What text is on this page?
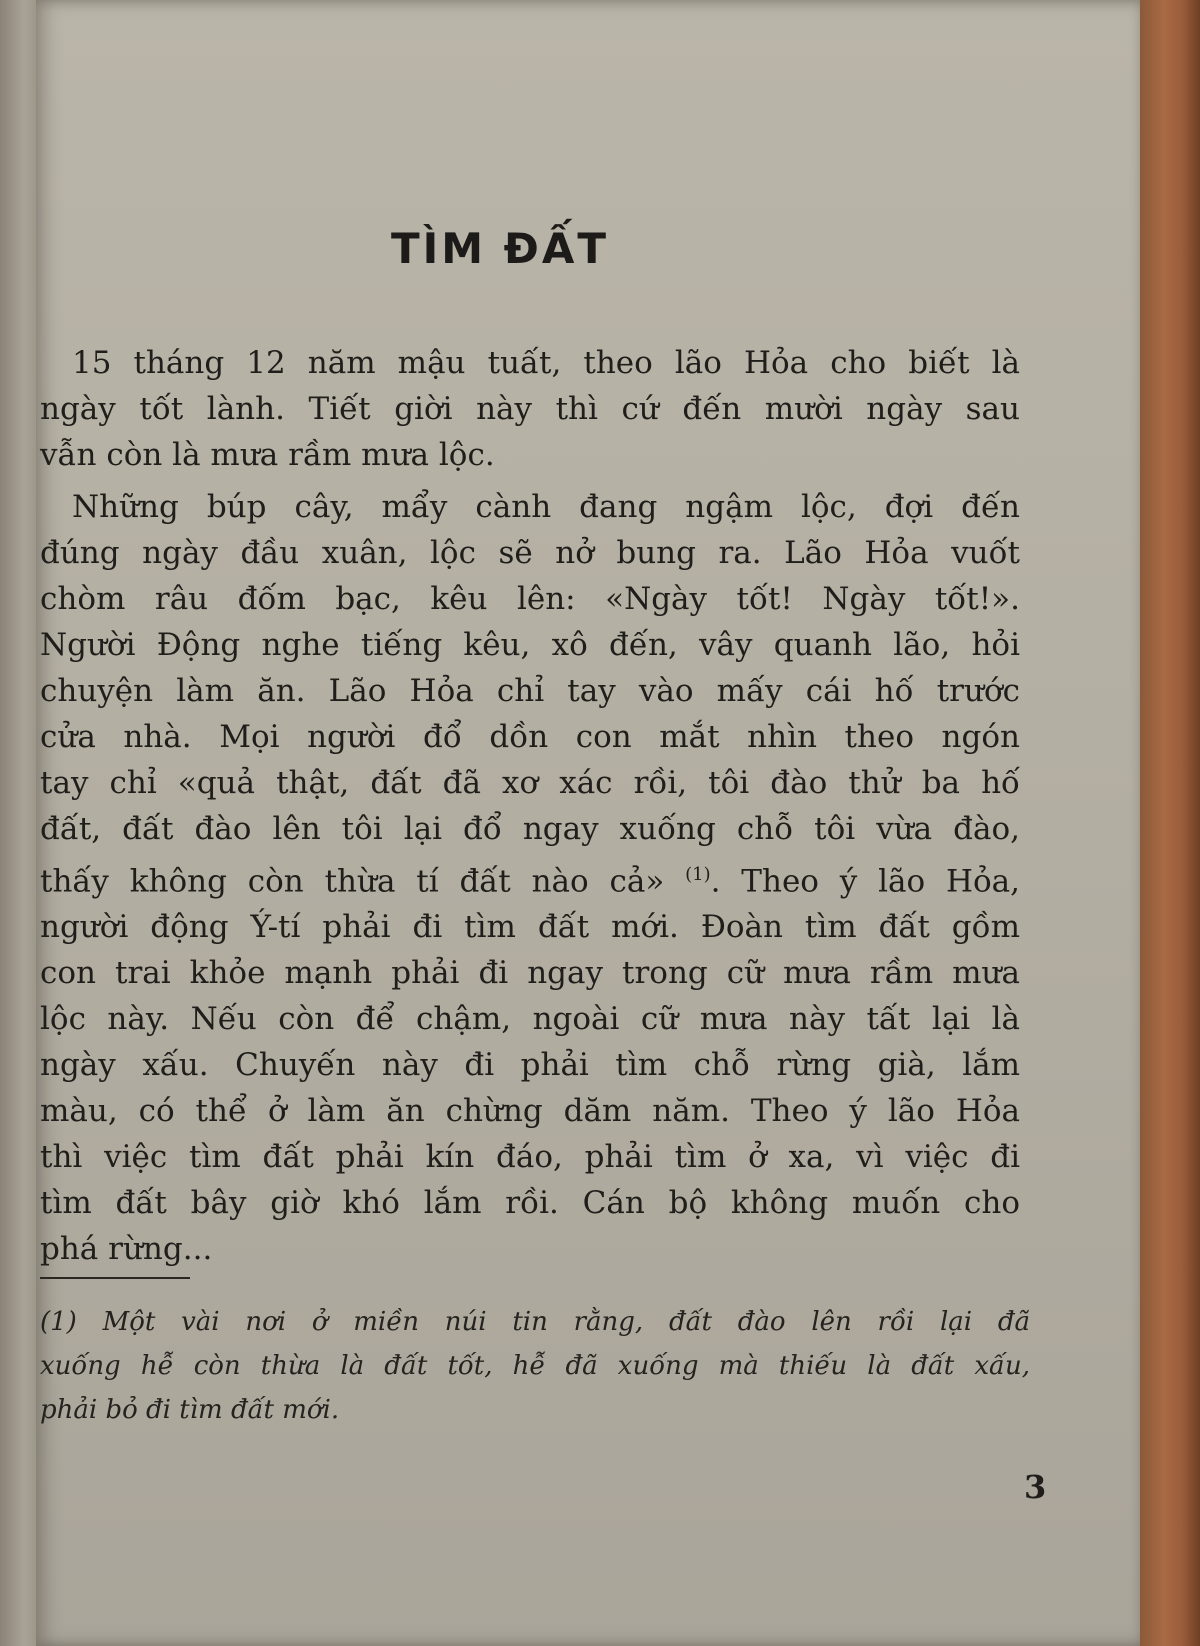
TÌM ĐẤT

15 tháng 12 năm mậu tuất, theo lão Hỏa cho biết là
ngày tốt lành. Tiết giời này thì cứ đến mười ngày sau
vẫn còn là mưa rầm mưa lộc.

Những búp cây, mẩy cành đang ngậm lộc, đợi đến
đúng ngày đầu xuân, lộc sẽ nở bung ra. Lão Hỏa vuốt
chòm râu đốm bạc, kêu lên: «Ngày tốt! Ngày tốt!».
Người Động nghe tiếng kêu, xô đến, vây quanh lão, hỏi
chuyện làm ăn. Lão Hỏa chỉ tay vào mấy cái hố trước
cửa nhà. Mọi người đổ dồn con mắt nhìn theo ngón
tay chỉ «quả thật, đất đã xơ xác rồi, tôi đào thử ba hố
đất, đất đào lên tôi lại đổ ngay xuống chỗ tôi vừa đào,
thấy không còn thừa tí đất nào cả» $^{(1)}$. Theo ý lão Hỏa,
người động Ý-tí phải đi tìm đất mới. Đoàn tìm đất gồm
con trai khỏe mạnh phải đi ngay trong cữ mưa rầm mưa
lộc này. Nếu còn để chậm, ngoài cữ mưa này tất lại là
ngày xấu. Chuyến này đi phải tìm chỗ rừng già, lắm
màu, có thể ở làm ăn chừng dăm năm. Theo ý lão Hỏa
thì việc tìm đất phải kín đáo, phải tìm ở xa, vì việc đi
tìm đất bây giờ khó lắm rồi. Cán bộ không muốn cho
phá rừng...

(1) Một vài nơi ở miền núi tin rằng, đất đào lên rồi lại đã
xuống hễ còn thừa là đất tốt, hễ đã xuống mà thiếu là đất xấu,
phải bỏ đi tìm đất mới.
3
